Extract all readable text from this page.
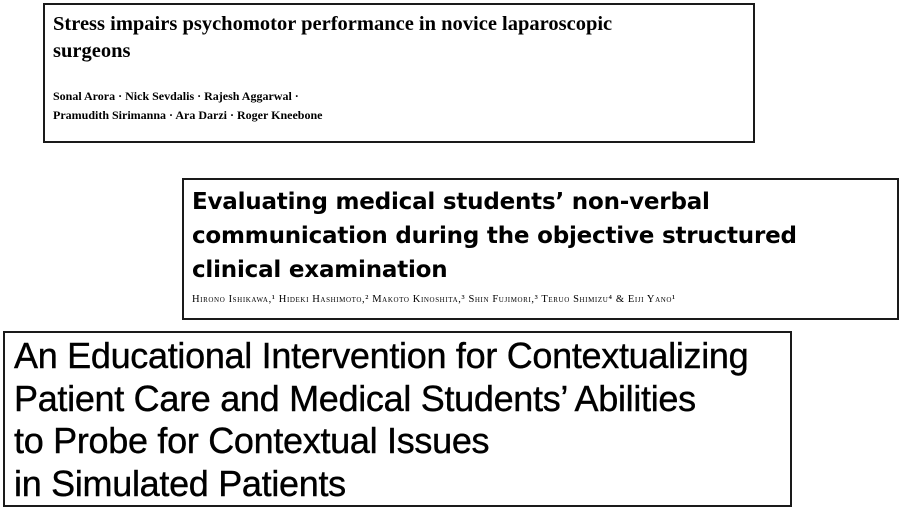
Stress impairs psychomotor performance in novice laparoscopic
surgeons
Sonal Arora · Nick Sevdalis · Rajesh Aggarwal ·
Pramudith Sirimanna · Ara Darzi · Roger Kneebone
Evaluating medical students’ non-verbal
communication during the objective structured
clinical examination
Hirono Ishikawa,¹ Hideki Hashimoto,² Makoto Kinoshita,³ Shin Fujimori,³ Teruo Shimizu⁴ & Eiji Yano¹
An Educational Intervention for Contextualizing
Patient Care and Medical Students’ Abilities
to Probe for Contextual Issues
in Simulated Patients
